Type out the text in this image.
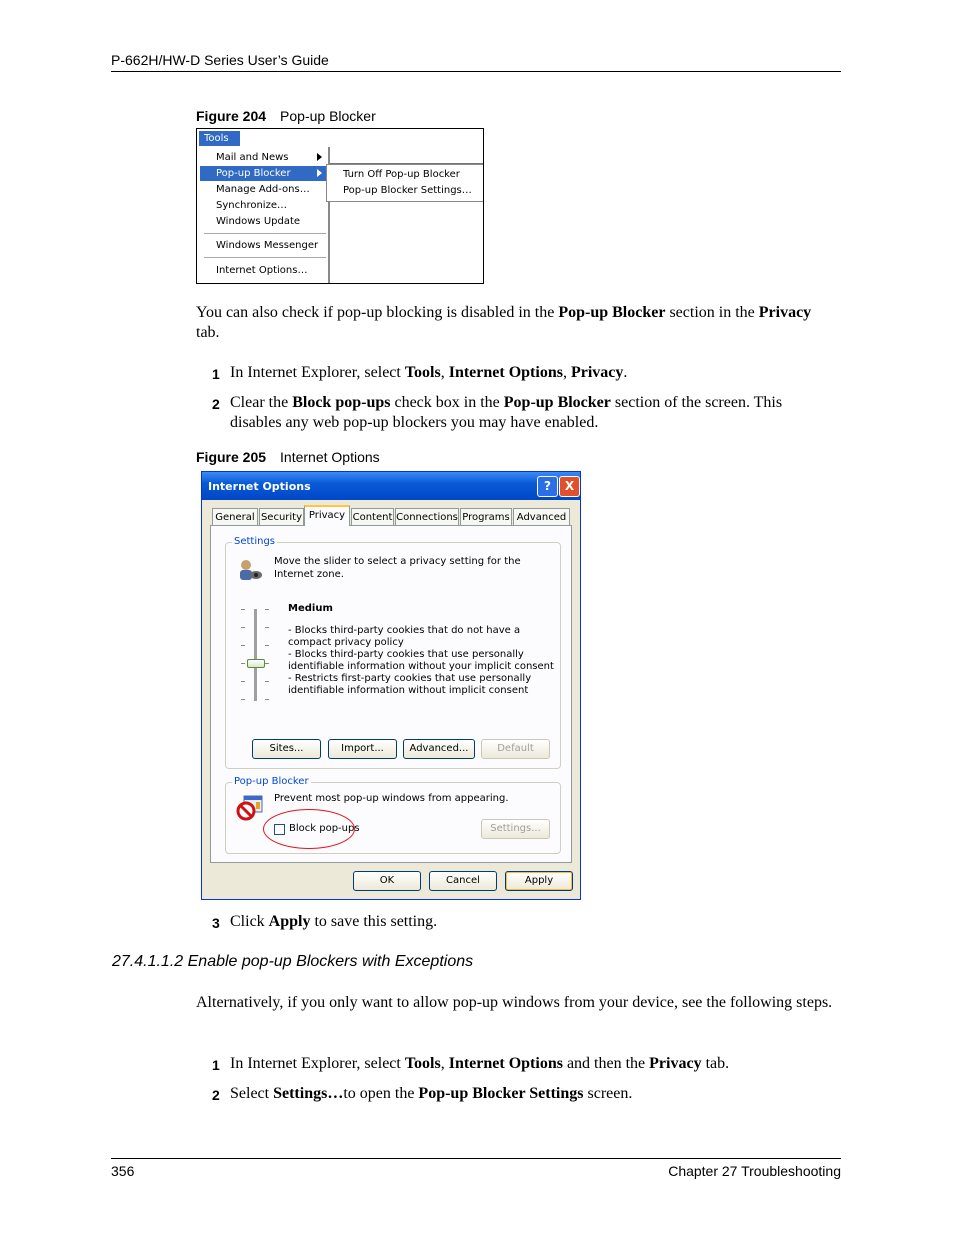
P-662H/HW-D Series User’s Guide
Figure 204 Pop-up Blocker
Tools
Mail and News
Pop-up Blocker
Manage Add-ons…
Synchronize…
Windows Update
Windows Messenger
Internet Options…
Turn Off Pop-up Blocker
Pop-up Blocker Settings…
You can also check if pop-up blocking is disabled in the Pop-up Blocker section in the Privacy tab.
1 In Internet Explorer, select Tools, Internet Options, Privacy.
2 Clear the Block pop-ups check box in the Pop-up Blocker section of the screen. This disables any web pop-up blockers you may have enabled.
Figure 205 Internet Options
Internet Options	?	X
General Security Privacy Content Connections Programs Advanced
Settings
Move the slider to select a privacy setting for the Internet zone.
Medium
- Blocks third-party cookies that do not have a compact privacy policy
- Blocks third-party cookies that use personally identifiable information without your implicit consent
- Restricts first-party cookies that use personally identifiable information without implicit consent
Sites...	Import...	Advanced...	Default
Pop-up Blocker
Prevent most pop-up windows from appearing.
Block pop-ups	Settings...
OK	Cancel	Apply
3 Click Apply to save this setting.
27.4.1.1.2 Enable pop-up Blockers with Exceptions
Alternatively, if you only want to allow pop-up windows from your device, see the following steps.
1 In Internet Explorer, select Tools, Internet Options and then the Privacy tab.
2 Select Settings…to open the Pop-up Blocker Settings screen.
356	Chapter 27 Troubleshooting
